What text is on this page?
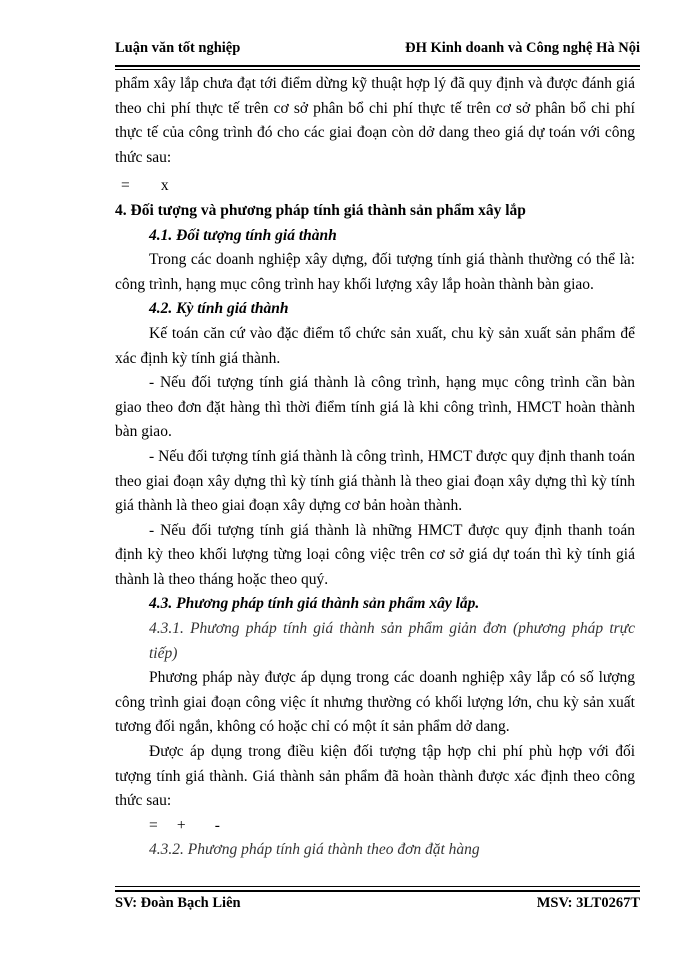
Luận văn tốt nghiệp	ĐH Kinh doanh và Công nghệ Hà Nội

phẩm xây lắp chưa đạt tới điểm dừng kỹ thuật hợp lý đã quy định và được đánh giá theo chi phí thực tế trên cơ sở phân bổ chi phí thực tế trên cơ sở phân bổ chi phí thực tế của công trình đó cho các giai đoạn còn dở dang theo giá dự toán với công thức sau:

= x

4. Đối tượng và phương pháp tính giá thành sản phẩm xây lắp

4.1. Đối tượng tính giá thành

Trong các doanh nghiệp xây dựng, đối tượng tính giá thành thường có thể là: công trình, hạng mục công trình hay khối lượng xây lắp hoàn thành bàn giao.

4.2. Kỳ tính giá thành

Kế toán căn cứ vào đặc điểm tổ chức sản xuất, chu kỳ sản xuất sản phẩm để xác định kỳ tính giá thành.

- Nếu đối tượng tính giá thành là công trình, hạng mục công trình cần bàn giao theo đơn đặt hàng thì thời điểm tính giá là khi công trình, HMCT hoàn thành bàn giao.

- Nếu đối tượng tính giá thành là công trình, HMCT được quy định thanh toán theo giai đoạn xây dựng thì kỳ tính giá thành là theo giai đoạn xây dựng thì kỳ tính giá thành là theo giai đoạn xây dựng cơ bản hoàn thành.

- Nếu đối tượng tính giá thành là những HMCT được quy định thanh toán định kỳ theo khối lượng từng loại công việc trên cơ sở giá dự toán thì kỳ tính giá thành là theo tháng hoặc theo quý.

4.3. Phương pháp tính giá thành sản phẩm xây lắp.

4.3.1. Phương pháp tính giá thành sản phẩm giản đơn (phương pháp trực tiếp)

Phương pháp này được áp dụng trong các doanh nghiệp xây lắp có số lượng công trình giai đoạn công việc ít nhưng thường có khối lượng lớn, chu kỳ sản xuất tương đối ngắn, không có hoặc chỉ có một ít sản phẩm dở dang.

Được áp dụng trong điều kiện đối tượng tập hợp chi phí phù hợp với đối tượng tính giá thành. Giá thành sản phẩm đã hoàn thành được xác định theo công thức sau:

= + -

4.3.2. Phương pháp tính giá thành theo đơn đặt hàng

SV: Đoàn Bạch Liên	MSV: 3LT0267T
